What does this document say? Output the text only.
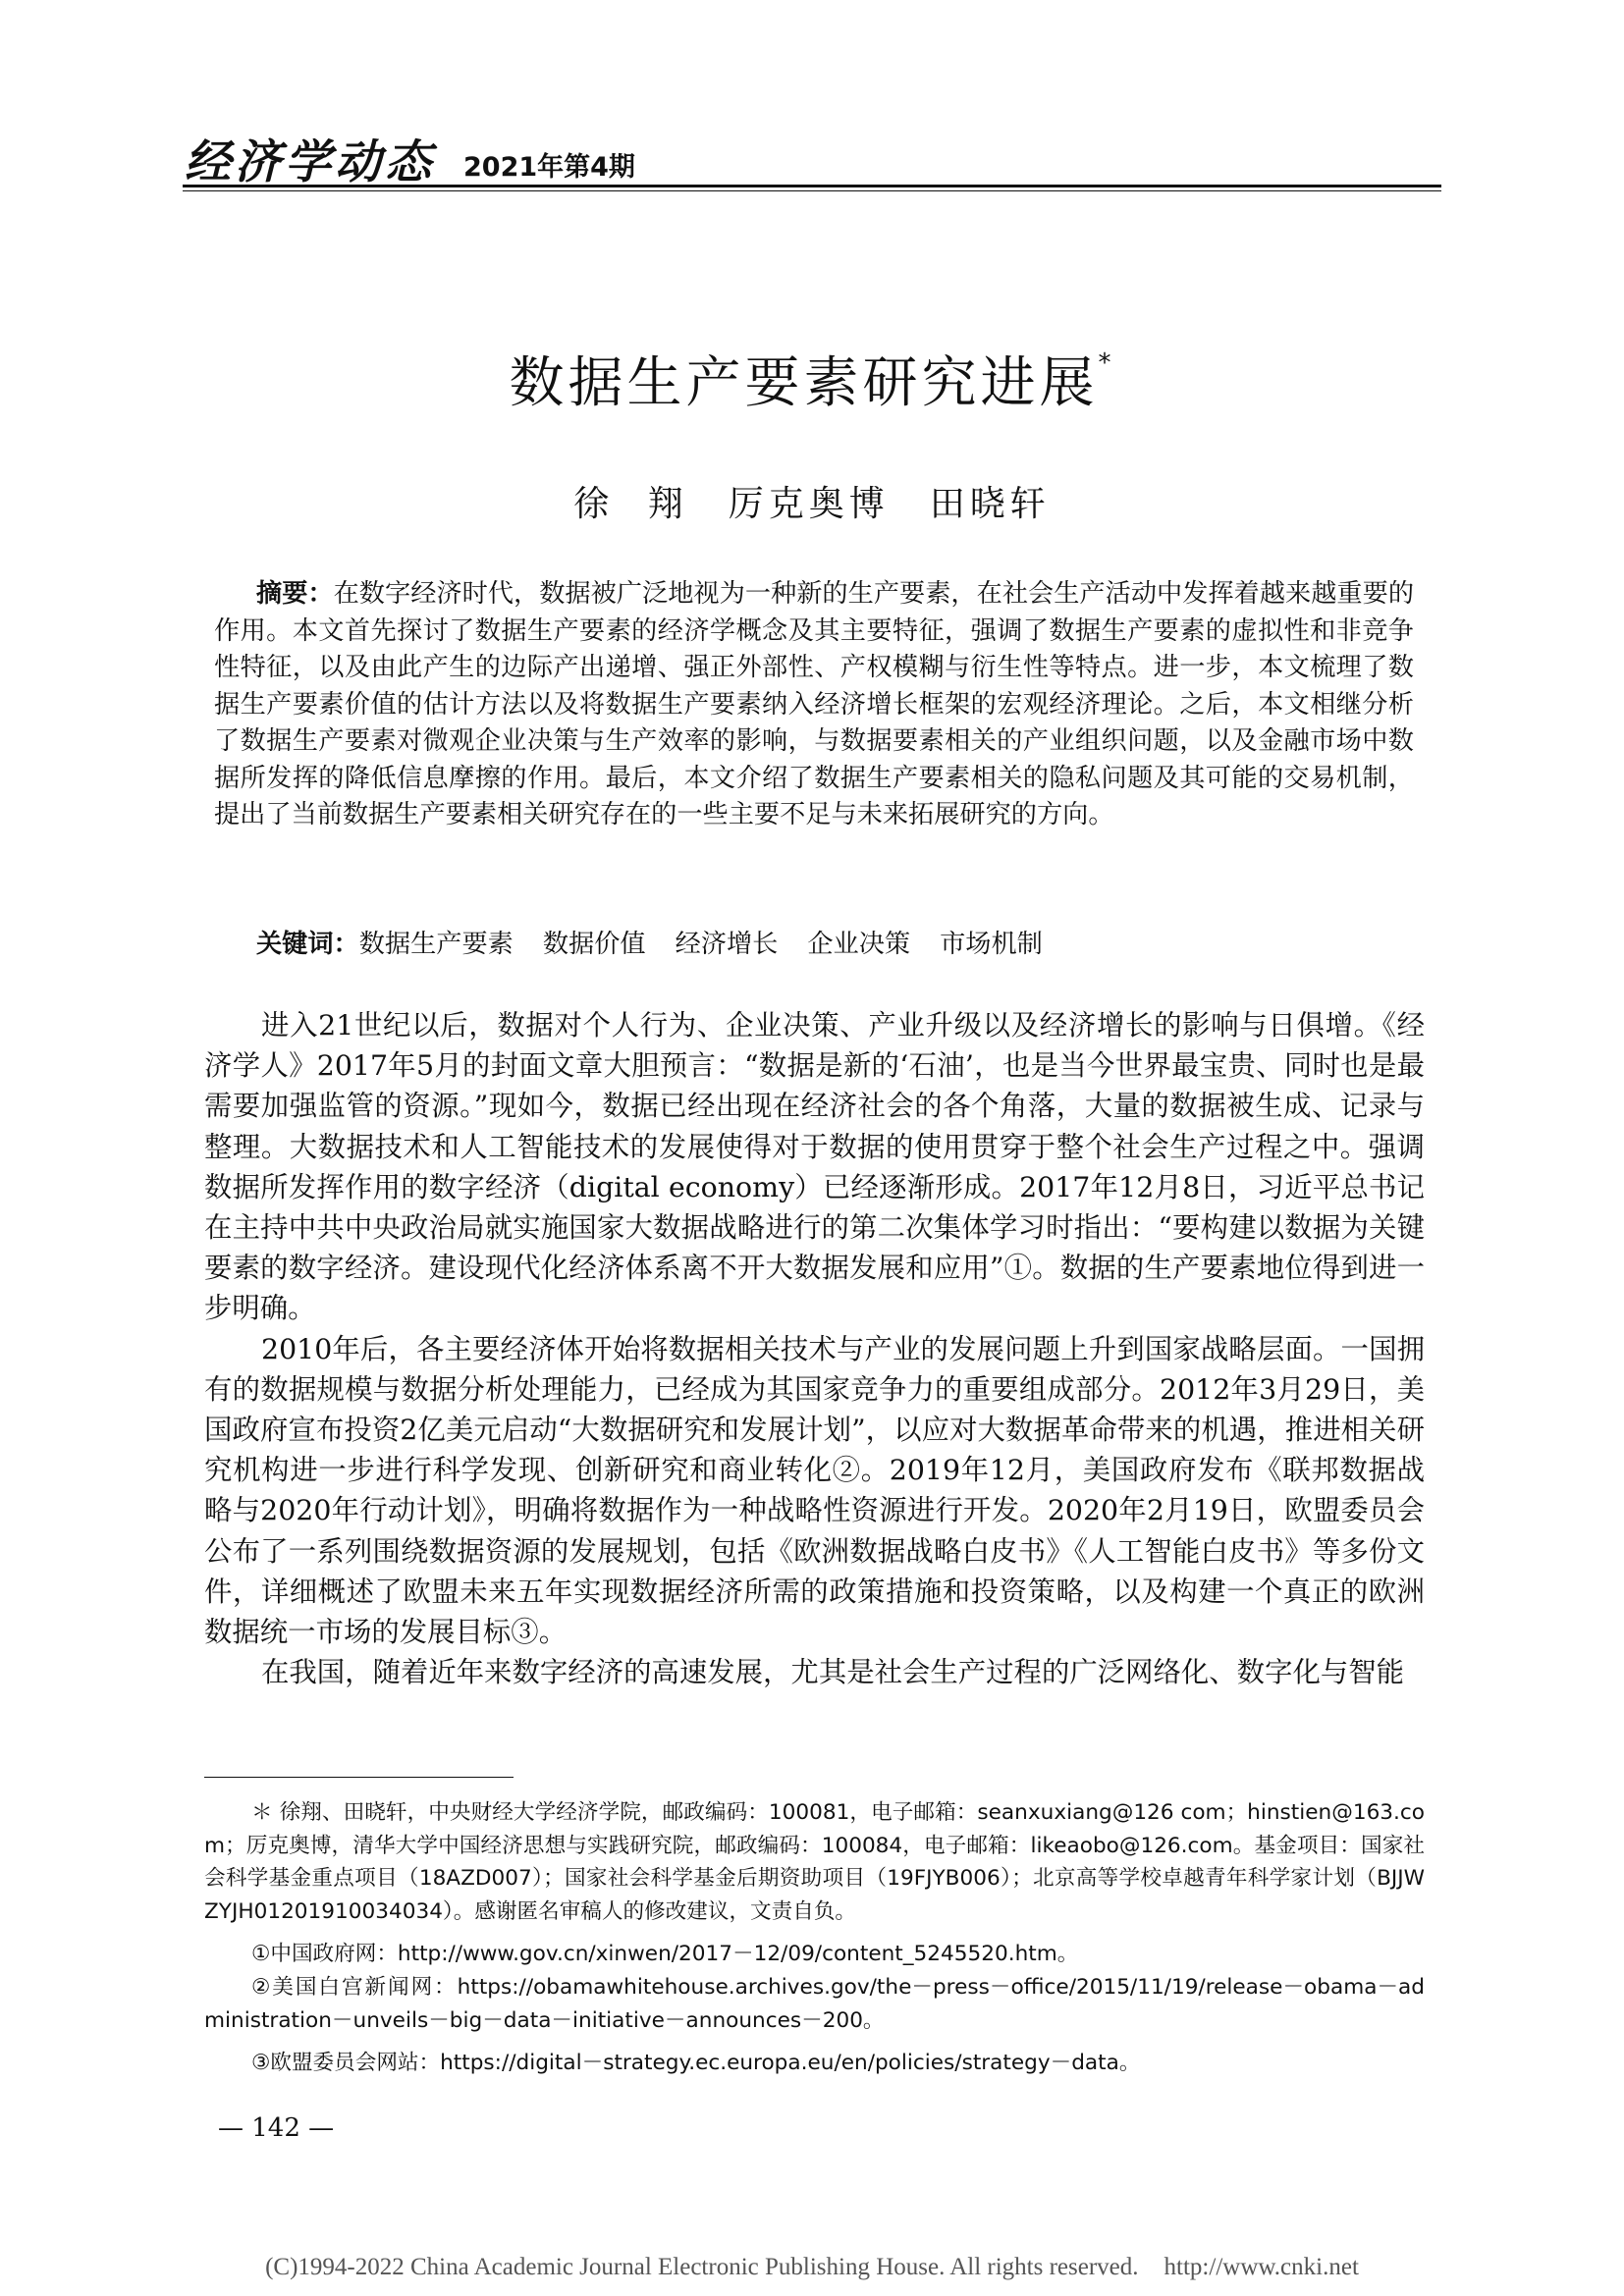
经济学动态 2021年第4期
数据生产要素研究进展*
徐 翔　厉克奥博　田晓轩

摘要：在数字经济时代，数据被广泛地视为一种新的生产要素，在社会生产活动中发挥着越来越重要的作用。本文首先探讨了数据生产要素的经济学概念及其主要特征，强调了数据生产要素的虚拟性和非竞争性特征，以及由此产生的边际产出递增、强正外部性、产权模糊与衍生性等特点。进一步，本文梳理了数据生产要素价值的估计方法以及将数据生产要素纳入经济增长框架的宏观经济理论。之后，本文相继分析了数据生产要素对微观企业决策与生产效率的影响，与数据要素相关的产业组织问题，以及金融市场中数据所发挥的降低信息摩擦的作用。最后，本文介绍了数据生产要素相关的隐私问题及其可能的交易机制，提出了当前数据生产要素相关研究存在的一些主要不足与未来拓展研究的方向。

关键词：数据生产要素 数据价值 经济增长 企业决策 市场机制

进入21世纪以后，数据对个人行为、企业决策、产业升级以及经济增长的影响与日俱增。《经济学人》2017年5月的封面文章大胆预言：“数据是新的‘石油’，也是当今世界最宝贵、同时也是最需要加强监管的资源。”现如今，数据已经出现在经济社会的各个角落，大量的数据被生成、记录与整理。大数据技术和人工智能技术的发展使得对于数据的使用贯穿于整个社会生产过程之中。强调数据所发挥作用的数字经济（digital economy）已经逐渐形成。2017年12月8日，习近平总书记在主持中共中央政治局就实施国家大数据战略进行的第二次集体学习时指出：“要构建以数据为关键要素的数字经济。建设现代化经济体系离不开大数据发展和应用”①。数据的生产要素地位得到进一步明确。

2010年后，各主要经济体开始将数据相关技术与产业的发展问题上升到国家战略层面。一国拥有的数据规模与数据分析处理能力，已经成为其国家竞争力的重要组成部分。2012年3月29日，美国政府宣布投资2亿美元启动“大数据研究和发展计划”，以应对大数据革命带来的机遇，推进相关研究机构进一步进行科学发现、创新研究和商业转化②。2019年12月，美国政府发布《联邦数据战略与2020年行动计划》，明确将数据作为一种战略性资源进行开发。2020年2月19日，欧盟委员会公布了一系列围绕数据资源的发展规划，包括《欧洲数据战略白皮书》《人工智能白皮书》等多份文件，详细概述了欧盟未来五年实现数据经济所需的政策措施和投资策略，以及构建一个真正的欧洲数据统一市场的发展目标③。

在我国，随着近年来数字经济的高速发展，尤其是社会生产过程的广泛网络化、数字化与智能

＊ 徐翔、田晓轩，中央财经大学经济学院，邮政编码：100081，电子邮箱：seanxuxiang@126 com；hinstien@163.com；厉克奥博，清华大学中国经济思想与实践研究院，邮政编码：100084，电子邮箱：likeaobo@126.com。基金项目：国家社会科学基金重点项目（18AZD007）；国家社会科学基金后期资助项目（19FJYB006）；北京高等学校卓越青年科学家计划（BJJWZYJH01201910034034）。感谢匿名审稿人的修改建议，文责自负。

①中国政府网：http://www.gov.cn/xinwen/2017－12/09/content_5245520.htm。

②美国白宫新闻网：https://obamawhitehouse.archives.gov/the－press－office/2015/11/19/release－obama－administration－unveils－big－data－initiative－announces－200。

③欧盟委员会网站：https://digital－strategy.ec.europa.eu/en/policies/strategy－data。

— 142 —
(C)1994-2022 China Academic Journal Electronic Publishing House. All rights reserved. http://www.cnki.net
